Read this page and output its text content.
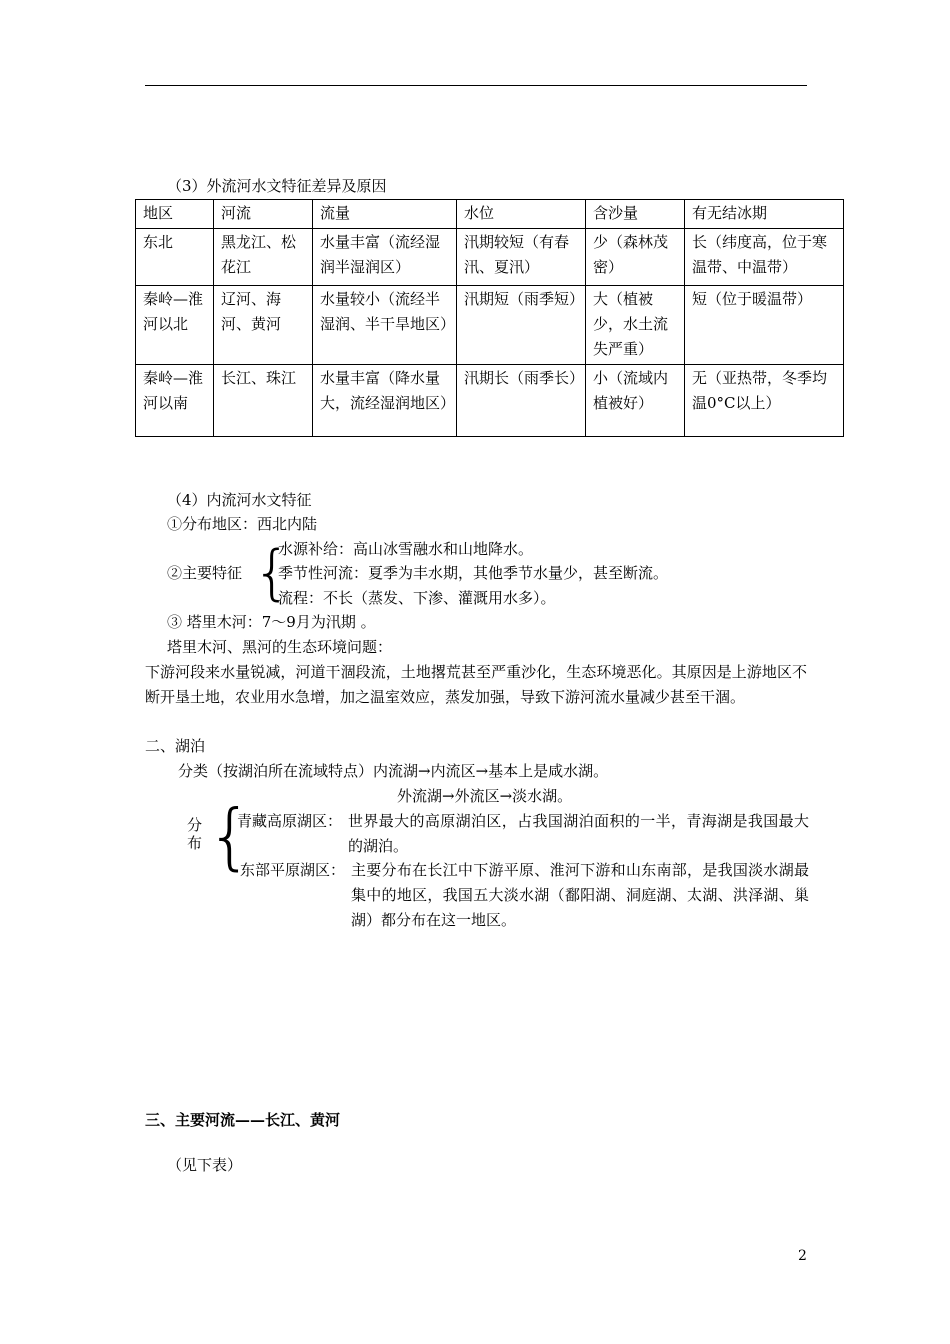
（3）外流河水文特征差异及原因
地区	河流	流量	水位	含沙量	有无结冰期
东北	黑龙江、松花江	水量丰富（流经湿润半湿润区）	汛期较短（有春汛、夏汛）	少（森林茂密）	长（纬度高，位于寒温带、中温带）
秦岭—淮河以北	辽河、海河、黄河	水量较小（流经半湿润、半干旱地区）	汛期短（雨季短）	大（植被少，水土流失严重）	短（位于暖温带）
秦岭—淮河以南	长江、珠江	水量丰富（降水量大，流经湿润地区）	汛期长（雨季长）	小（流域内植被好）	无（亚热带，冬季均温0°C以上）
（4）内流河水文特征
①分布地区：西北内陆
②主要特征 {
水源补给：高山冰雪融水和山地降水。
季节性河流：夏季为丰水期，其他季节水量少，甚至断流。
流程：不长（蒸发、下渗、灌溉用水多）。
③ 塔里木河：7～9月为汛期 。
塔里木河、黑河的生态环境问题：
下游河段来水量锐减，河道干涸段流，土地撂荒甚至严重沙化，生态环境恶化。其原因是上游地区不断开垦土地，农业用水急增，加之温室效应，蒸发加强，导致下游河流水量减少甚至干涸。
二、湖泊
分类（按湖泊所在流域特点）内流湖→内流区→基本上是咸水湖。
外流湖→外流区→淡水湖。
分
布 {
青藏高原湖区： 世界最大的高原湖泊区，占我国湖泊面积的一半，青海湖是我国最大的湖泊。
东部平原湖区： 主要分布在长江中下游平原、淮河下游和山东南部，是我国淡水湖最集中的地区，我国五大淡水湖（鄱阳湖、洞庭湖、太湖、洪泽湖、巢湖）都分布在这一地区。
三、主要河流——长江、黄河
（见下表）
2
